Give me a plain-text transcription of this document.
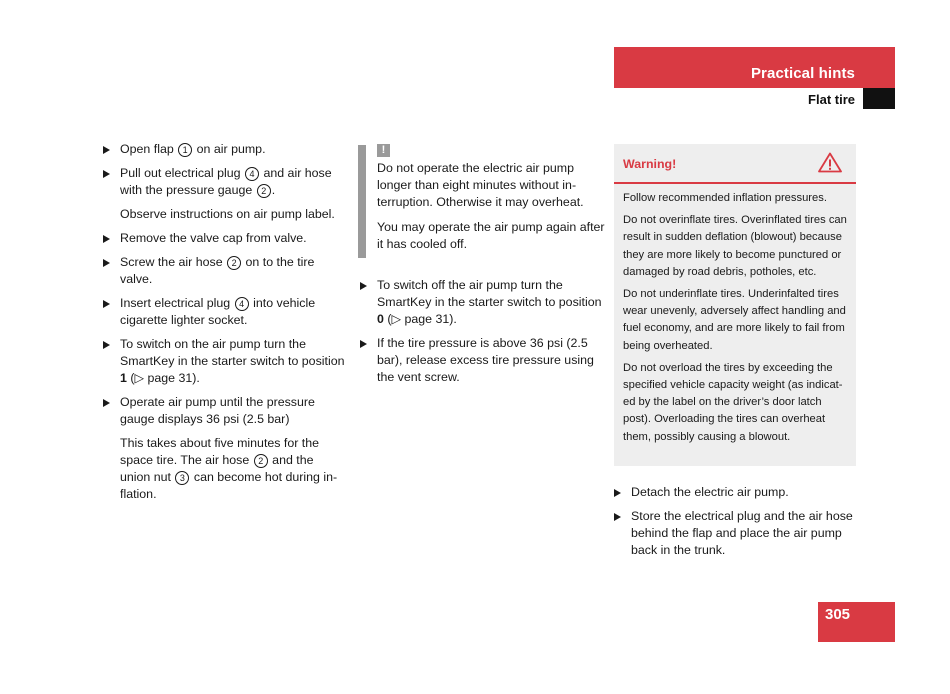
Practical hints
Flat tire
Open flap 1 on air pump.
Pull out electrical plug 4 and air hose with the pressure gauge 2 .
Observe instructions on air pump label.
Remove the valve cap from valve.
Screw the air hose 2 on to the tire valve.
Insert electrical plug 4 into vehicle cigarette lighter socket.
To switch on the air pump turn the SmartKey in the starter switch to position 1 (▷ page 31).
Operate air pump until the pressure gauge displays 36 psi (2.5 bar)
This takes about five minutes for the space tire. The air hose 2 and the union nut 3 can become hot during inflation.
!

Do not operate the electric air pump longer than eight minutes without interruption. Otherwise it may overheat.

You may operate the air pump again after it has cooled off.

To switch off the air pump turn the SmartKey in the starter switch to position 0 (▷ page 31).
If the tire pressure is above 36 psi (2.5 bar), release excess tire pressure using the vent screw.
Warning!

Follow recommended inflation pressures.

Do not overinflate tires. Overinflated tires can result in sudden deflation (blowout) because they are more likely to become punctured or damaged by road debris, potholes, etc.

Do not underinflate tires. Underinfalted tires wear unevenly, adversely affect handling and fuel economy, and are more likely to fail from being overheated.

Do not overload the tires by exceeding the specified vehicle capacity weight (as indicated by the label on the driver’s door latch post). Overloading the tires can overheat them, possibly causing a blowout.

Detach the electric air pump.
Store the electrical plug and the air hose behind the flap and place the air pump back in the trunk.
305
